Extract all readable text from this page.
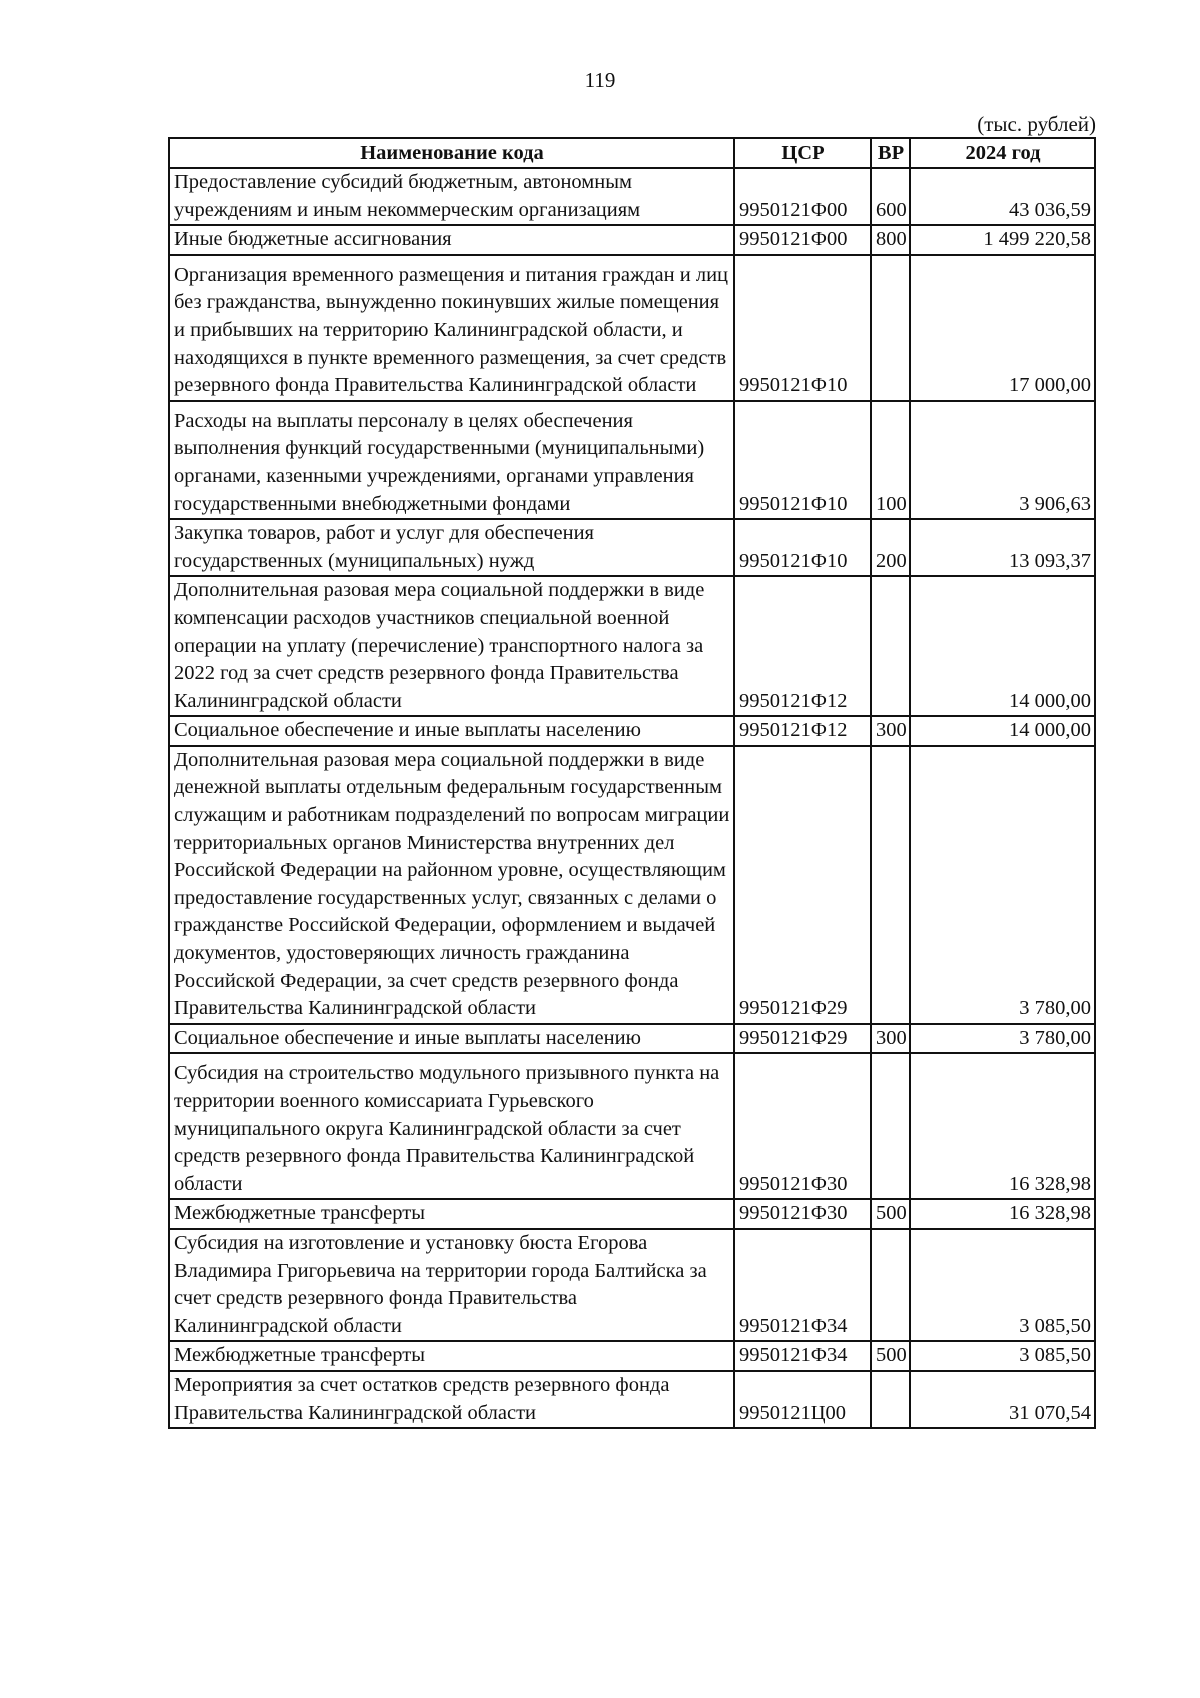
119
(тыс. рублей)
Наименование кода	ЦСР	ВР	2024 год
Предоставление субсидий бюджетным, автономным учреждениям и иным некоммерческим организациям	9950121Ф00	600	43 036,59
Иные бюджетные ассигнования	9950121Ф00	800	1 499 220,58
Организация временного размещения и питания граждан и лиц без гражданства, вынужденно покинувших жилые помещения и прибывших на территорию Калининградской области, и находящихся в пункте временного размещения, за счет средств резервного фонда Правительства Калининградской области	9950121Ф10		17 000,00
Расходы на выплаты персоналу в целях обеспечения выполнения функций государственными (муниципальными) органами, казенными учреждениями, органами управления государственными внебюджетными фондами	9950121Ф10	100	3 906,63
Закупка товаров, работ и услуг для обеспечения государственных (муниципальных) нужд	9950121Ф10	200	13 093,37
Дополнительная разовая мера социальной поддержки в виде компенсации расходов участников специальной военной операции на уплату (перечисление) транспортного налога за 2022 год за счет средств резервного фонда Правительства Калининградской области	9950121Ф12		14 000,00
Социальное обеспечение и иные выплаты населению	9950121Ф12	300	14 000,00
Дополнительная разовая мера социальной поддержки в виде денежной выплаты отдельным федеральным государственным служащим и работникам подразделений по вопросам миграции территориальных органов Министерства внутренних дел Российской Федерации на районном уровне, осуществляющим предоставление государственных услуг, связанных с делами о гражданстве Российской Федерации, оформлением и выдачей документов, удостоверяющих личность гражданина Российской Федерации, за счет средств резервного фонда Правительства Калининградской области	9950121Ф29		3 780,00
Социальное обеспечение и иные выплаты населению	9950121Ф29	300	3 780,00
Субсидия на строительство модульного призывного пункта на территории военного комиссариата Гурьевского муниципального округа Калининградской области за счет средств резервного фонда Правительства Калининградской области	9950121Ф30		16 328,98
Межбюджетные трансферты	9950121Ф30	500	16 328,98
Субсидия на изготовление и установку бюста Егорова Владимира Григорьевича на территории города Балтийска за счет средств резервного фонда Правительства Калининградской области	9950121Ф34		3 085,50
Межбюджетные трансферты	9950121Ф34	500	3 085,50
Мероприятия за счет остатков средств резервного фонда Правительства Калининградской области	9950121Ц00		31 070,54
